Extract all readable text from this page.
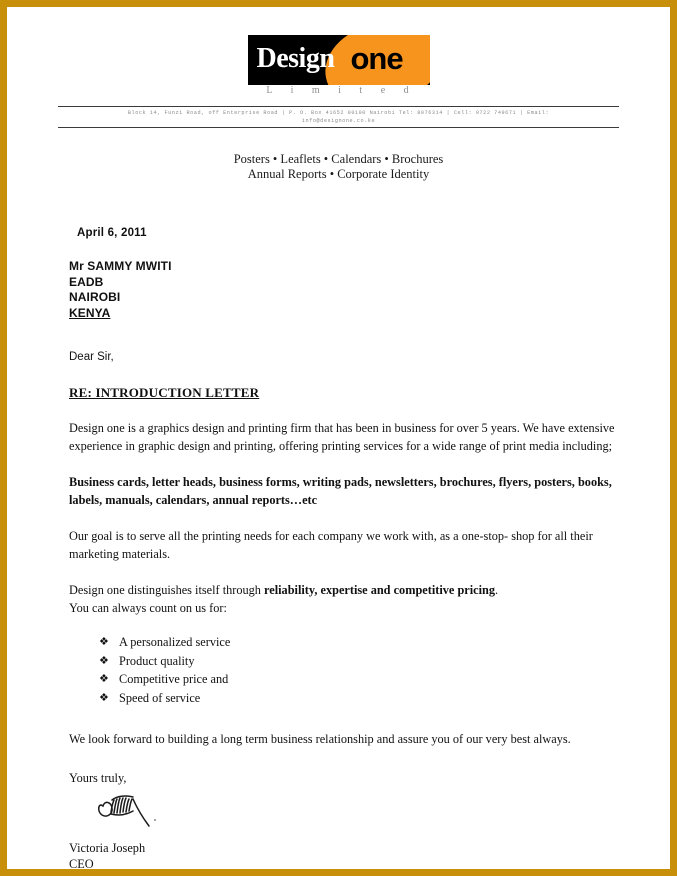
Design one
L i m i t e d
Block 14, Funzi Road, off Enterprise Road | P. O. Box 41652 00100 Nairobi Tel: 8076314 | Cell: 0722 749671 | Email:
info@designone.co.ke
Posters • Leaflets • Calendars • Brochures
Annual Reports • Corporate Identity
April 6, 2011
Mr SAMMY MWITI
EADB
NAIROBI
KENYA
Dear Sir,
RE: INTRODUCTION LETTER

Design one is a graphics design and printing firm that has been in business for over 5 years. We have extensive experience in graphic design and printing, offering printing services for a wide range of print media including;

Business cards, letter heads, business forms, writing pads, newsletters, brochures, flyers, posters, books, labels, manuals, calendars, annual reports…etc

Our goal is to serve all the printing needs for each company we work with, as a one-stop- shop for all their marketing materials.

Design one distinguishes itself through reliability, expertise and competitive pricing.
You can always count on us for:

❖ A personalized service
❖ Product quality
❖ Competitive price and
❖ Speed of service
We look forward to building a long term business relationship and assure you of our very best always.
Yours truly,
Victoria Joseph
CEO
